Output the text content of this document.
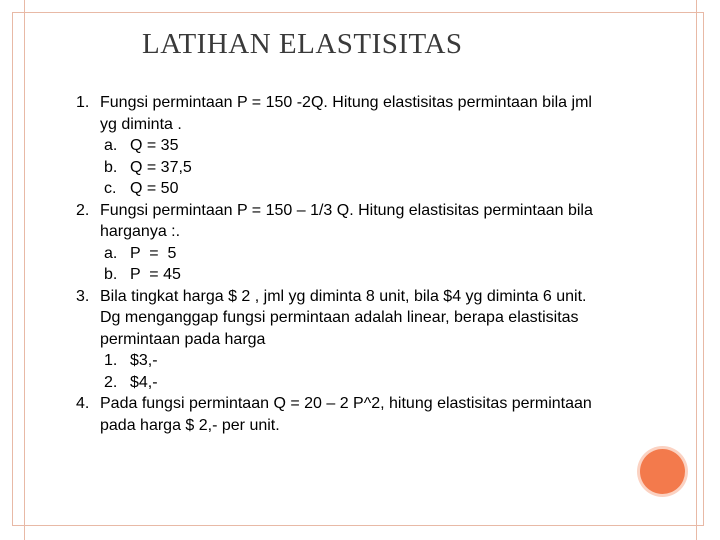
LATIHAN ELASTISITAS
1. Fungsi permintaan P = 150 -2Q. Hitung elastisitas permintaan bila jml
yg diminta .
a. Q = 35
b. Q = 37,5
c. Q = 50
2. Fungsi permintaan P = 150 – 1/3 Q. Hitung elastisitas permintaan bila
harganya :.
a. P  =  5
b. P  = 45
3. Bila tingkat harga $ 2 , jml yg diminta 8 unit, bila $4 yg diminta 6 unit.
Dg menganggap fungsi permintaan adalah linear, berapa elastisitas
permintaan pada harga
1. $3,-
2. $4,-
4. Pada fungsi permintaan Q = 20 – 2 P^2, hitung elastisitas permintaan
pada harga $ 2,- per unit.
